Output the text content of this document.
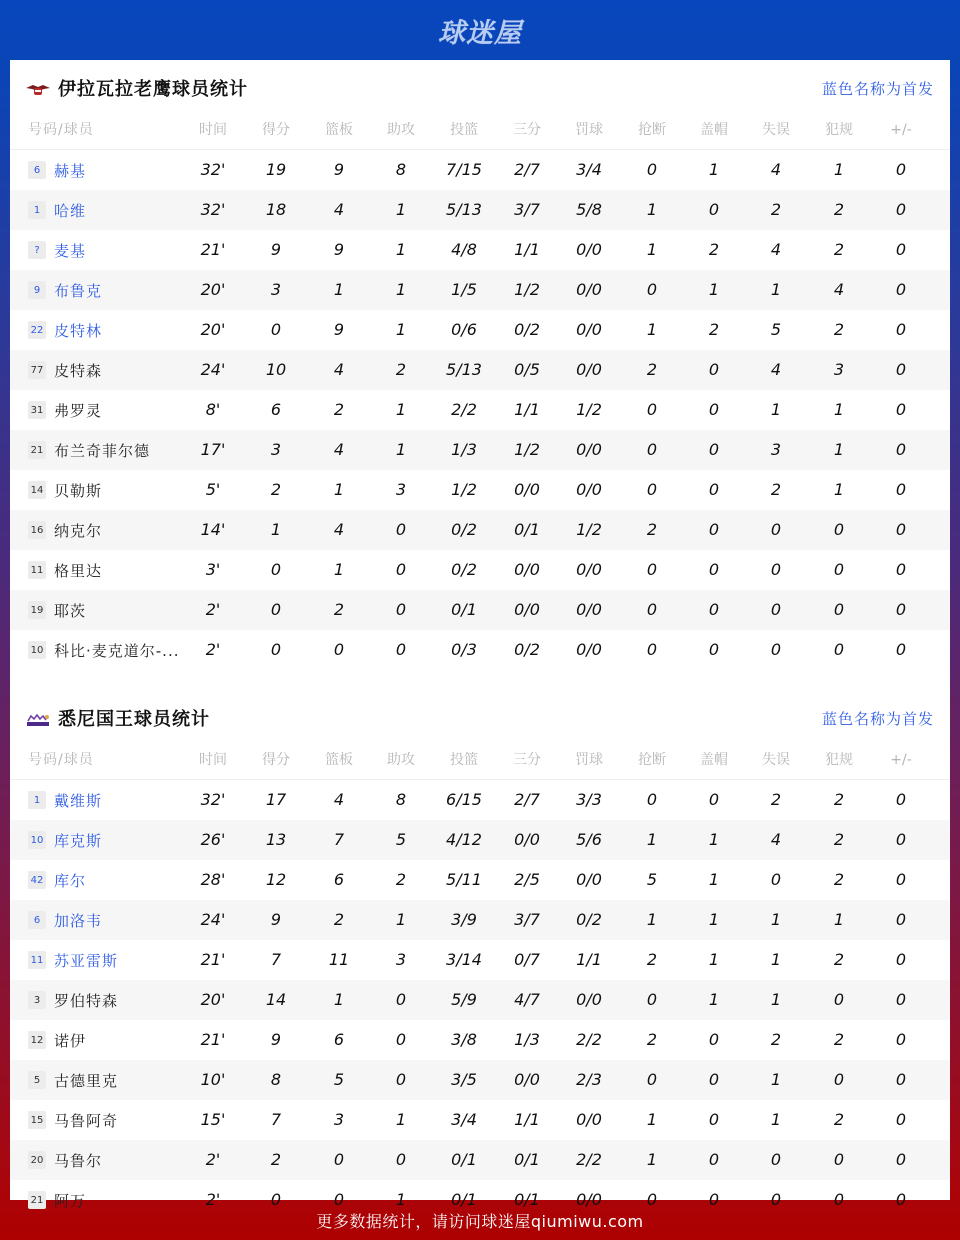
球迷屋
伊拉瓦拉老鹰球员统计	蓝色名称为首发
号码/球员	时间	得分	篮板	助攻	投篮	三分	罚球	抢断	盖帽	失误	犯规	+/-
6 赫基	32'	19	9	8	7/15	2/7	3/4	0	1	4	1	0
1 哈维	32'	18	4	1	5/13	3/7	5/8	1	0	2	2	0
? 麦基	21'	9	9	1	4/8	1/1	0/0	1	2	4	2	0
9 布鲁克	20'	3	1	1	1/5	1/2	0/0	0	1	1	4	0
22 皮特林	20'	0	9	1	0/6	0/2	0/0	1	2	5	2	0
77 皮特森	24'	10	4	2	5/13	0/5	0/0	2	0	4	3	0
31 弗罗灵	8'	6	2	1	2/2	1/1	1/2	0	0	1	1	0
21 布兰奇菲尔德	17'	3	4	1	1/3	1/2	0/0	0	0	3	1	0
14 贝勒斯	5'	2	1	3	1/2	0/0	0/0	0	0	2	1	0
16 纳克尔	14'	1	4	0	0/2	0/1	1/2	2	0	0	0	0
11 格里达	3'	0	1	0	0/2	0/0	0/0	0	0	0	0	0
19 耶茨	2'	0	2	0	0/1	0/0	0/0	0	0	0	0	0
10 科比·麦克道尔-...	2'	0	0	0	0/3	0/2	0/0	0	0	0	0	0
悉尼国王球员统计	蓝色名称为首发
号码/球员	时间	得分	篮板	助攻	投篮	三分	罚球	抢断	盖帽	失误	犯规	+/-
1 戴维斯	32'	17	4	8	6/15	2/7	3/3	0	0	2	2	0
10 库克斯	26'	13	7	5	4/12	0/0	5/6	1	1	4	2	0
42 库尔	28'	12	6	2	5/11	2/5	0/0	5	1	0	2	0
6 加洛韦	24'	9	2	1	3/9	3/7	0/2	1	1	1	1	0
11 苏亚雷斯	21'	7	11	3	3/14	0/7	1/1	2	1	1	2	0
3 罗伯特森	20'	14	1	0	5/9	4/7	0/0	0	1	1	0	0
12 诺伊	21'	9	6	0	3/8	1/3	2/2	2	0	2	2	0
5 古德里克	10'	8	5	0	3/5	0/0	2/3	0	0	1	0	0
15 马鲁阿奇	15'	7	3	1	3/4	1/1	0/0	1	0	1	2	0
20 马鲁尔	2'	2	0	0	0/1	0/1	2/2	1	0	0	0	0
21 阿万	2'	0	0	1	0/1	0/1	0/0	0	0	0	0	0
更多数据统计，请访问球迷屋qiumiwu.com
